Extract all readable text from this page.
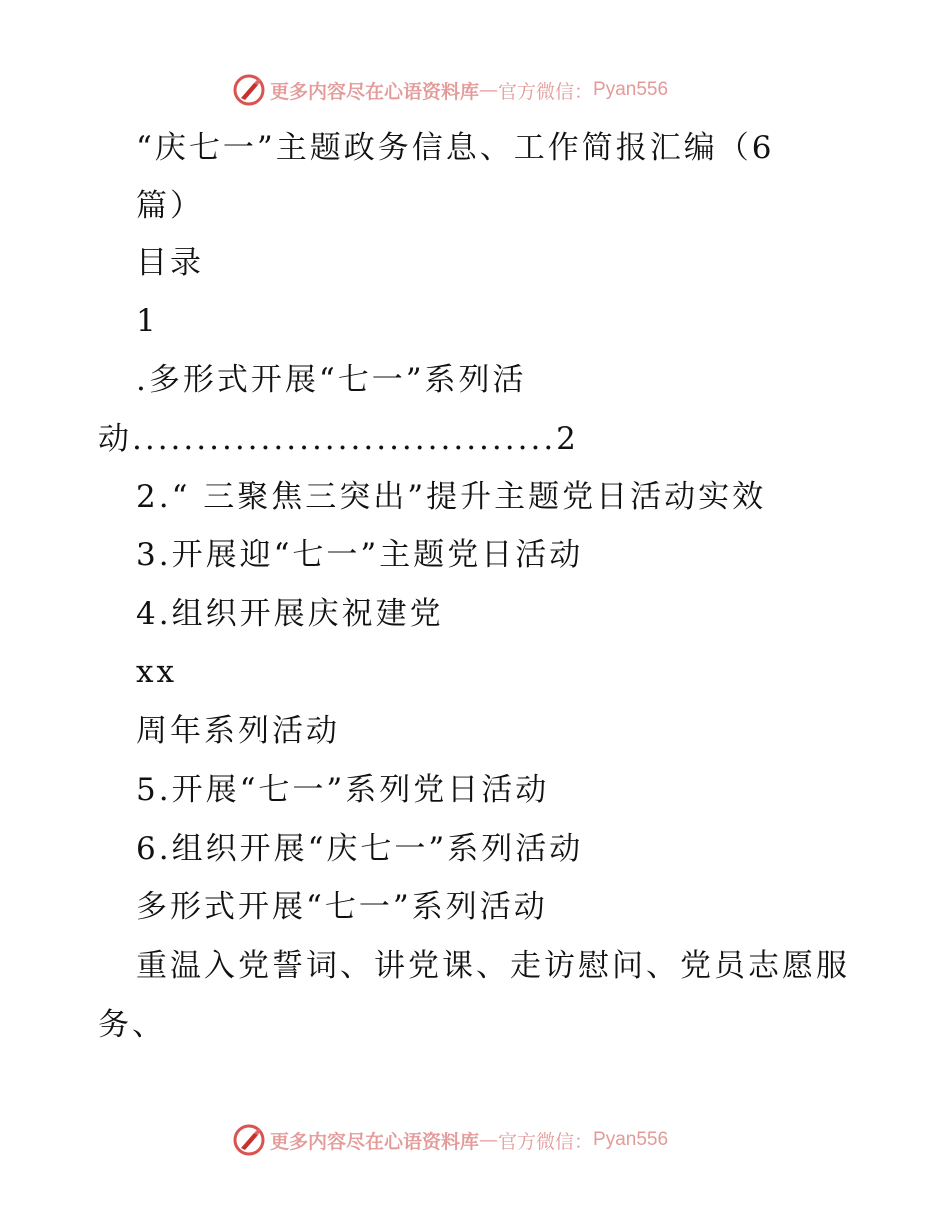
更多内容尽在心语资料库 — 官方微信： Pyan556
“庆七一”主题政务信息、工作简报汇编（6
篇）
目录
1
.多形式开展“七一”系列活
动.................................2
2.“ 三聚焦三突出”提升主题党日活动实效
3.开展迎“七一”主题党日活动
4.组织开展庆祝建党
xx
周年系列活动
5.开展“七一”系列党日活动
6.组织开展“庆七一”系列活动
多形式开展“七一”系列活动
重温入党誓词、讲党课、走访慰问、党员志愿服
务、
更多内容尽在心语资料库 — 官方微信： Pyan556
